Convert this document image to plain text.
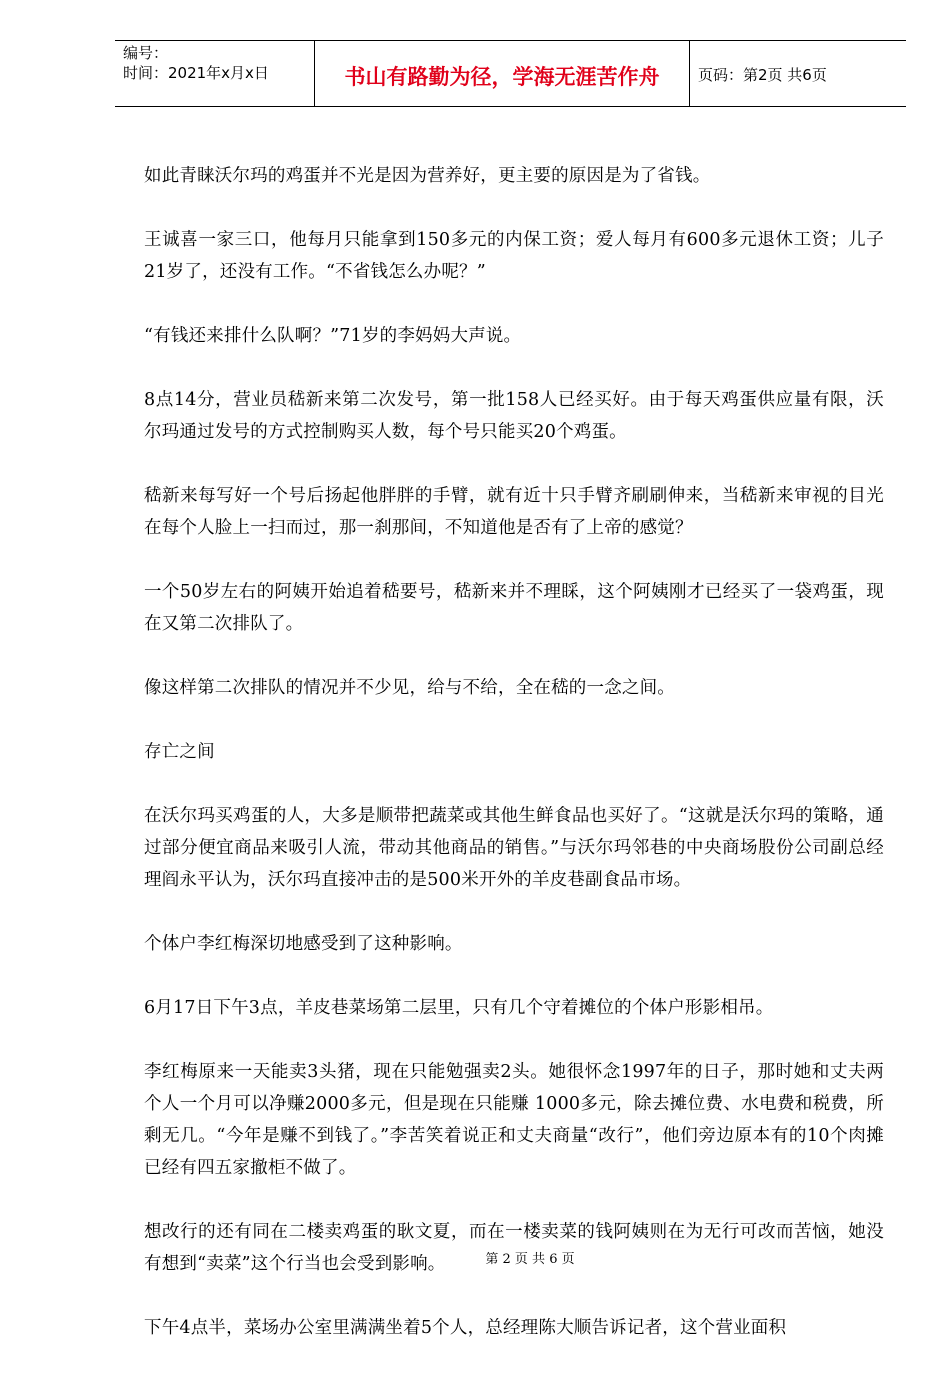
编号：
时间：2021年x月x日	书山有路勤为径，学海无涯苦作舟	页码：第2页 共6页

如此青睐沃尔玛的鸡蛋并不光是因为营养好，更主要的原因是为了省钱。

王诚喜一家三口，他每月只能拿到150多元的内保工资；爱人每月有600多元退休工资；儿子21岁了，还没有工作。“不省钱怎么办呢？”

“有钱还来排什么队啊？”71岁的李妈妈大声说。

8点14分，营业员嵇新来第二次发号，第一批158人已经买好。由于每天鸡蛋供应量有限，沃尔玛通过发号的方式控制购买人数，每个号只能买20个鸡蛋。

嵇新来每写好一个号后扬起他胖胖的手臂，就有近十只手臂齐刷刷伸来，当嵇新来审视的目光在每个人脸上一扫而过，那一刹那间，不知道他是否有了上帝的感觉？

一个50岁左右的阿姨开始追着嵇要号，嵇新来并不理睬，这个阿姨刚才已经买了一袋鸡蛋，现在又第二次排队了。

像这样第二次排队的情况并不少见，给与不给，全在嵇的一念之间。

存亡之间

在沃尔玛买鸡蛋的人，大多是顺带把蔬菜或其他生鲜食品也买好了。“这就是沃尔玛的策略，通过部分便宜商品来吸引人流，带动其他商品的销售。”与沃尔玛邻巷的中央商场股份公司副总经理阎永平认为，沃尔玛直接冲击的是500米开外的羊皮巷副食品市场。

个体户李红梅深切地感受到了这种影响。

6月17日下午3点，羊皮巷菜场第二层里，只有几个守着摊位的个体户形影相吊。

李红梅原来一天能卖3头猪，现在只能勉强卖2头。她很怀念1997年的日子，那时她和丈夫两个人一个月可以净赚2000多元，但是现在只能赚 1000多元，除去摊位费、水电费和税费，所剩无几。“今年是赚不到钱了。”李苦笑着说正和丈夫商量“改行”，他们旁边原本有的10个肉摊已经有四五家撤柜不做了。

想改行的还有同在二楼卖鸡蛋的耿文夏，而在一楼卖菜的钱阿姨则在为无行可改而苦恼，她没有想到“卖菜”这个行当也会受到影响。

下午4点半，菜场办公室里满满坐着5个人，总经理陈大顺告诉记者，这个营业面积

第 2 页 共 6 页
